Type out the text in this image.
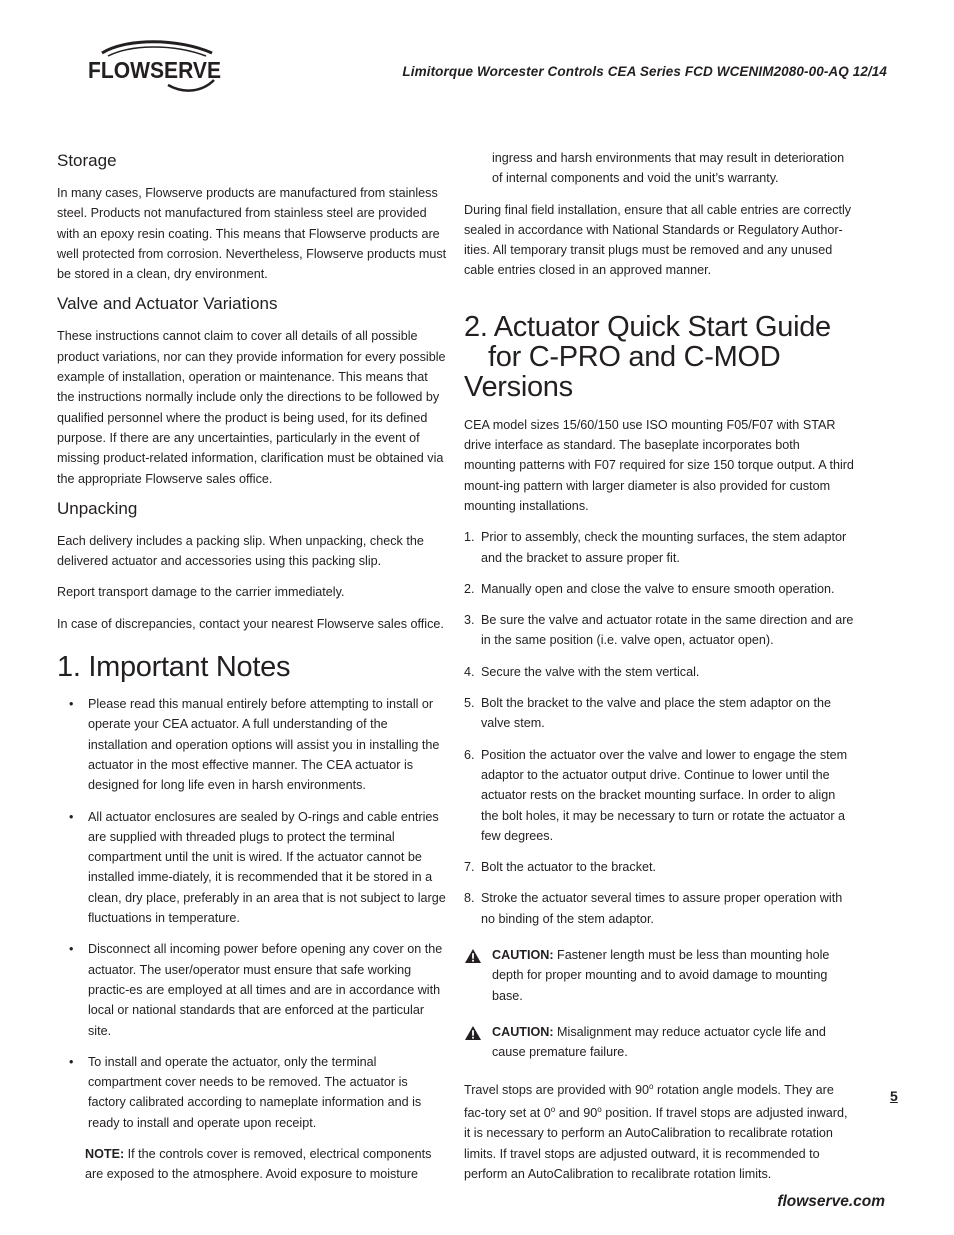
FLOWSERVE	Limitorque Worcester Controls CEA Series FCD WCENIM2080-00-AQ 12/14
Storage

In many cases, Flowserve products are manufactured from stainless steel. Products not manufactured from stainless steel are provided with an epoxy resin coating. This means that Flowserve products are well protected from corrosion. Nevertheless, Flowserve products must be stored in a clean, dry environment.

Valve and Actuator Variations

These instructions cannot claim to cover all details of all possible product variations, nor can they provide information for every possible example of installation, operation or maintenance. This means that the instructions normally include only the directions to be followed by qualified personnel where the product is being used, for its defined purpose. If there are any uncertainties, particularly in the event of missing product-related information, clarification must be obtained via the appropriate Flowserve sales office.

Unpacking

Each delivery includes a packing slip. When unpacking, check the delivered actuator and accessories using this packing slip.

Report transport damage to the carrier immediately.

In case of discrepancies, contact your nearest Flowserve sales office.

1. Important Notes
• Please read this manual entirely before attempting to install or operate your CEA actuator. A full understanding of the installation and operation options will assist you in installing the actuator in the most effective manner. The CEA actuator is designed for long life even in harsh environments.
• All actuator enclosures are sealed by O-rings and cable entries are supplied with threaded plugs to protect the terminal compartment until the unit is wired. If the actuator cannot be installed imme-diately, it is recommended that it be stored in a clean, dry place, preferably in an area that is not subject to large fluctuations in temperature.
• Disconnect all incoming power before opening any cover on the actuator. The user/operator must ensure that safe working practic-es are employed at all times and are in accordance with local or national standards that are enforced at the particular site.
• To install and operate the actuator, only the terminal compartment cover needs to be removed. The actuator is factory calibrated according to nameplate information and is ready to install and operate upon receipt.

NOTE: If the controls cover is removed, electrical components are exposed to the atmosphere. Avoid exposure to moisture

ingress and harsh environments that may result in deterioration of internal components and void the unit’s warranty.

During final field installation, ensure that all cable entries are correctly sealed in accordance with National Standards or Regulatory Author-ities. All temporary transit plugs must be removed and any unused cable entries closed in an approved manner.

2. Actuator Quick Start Guide
for C-PRO and C-MOD Versions

CEA model sizes 15/60/150 use ISO mounting F05/F07 with STAR drive interface as standard. The baseplate incorporates both mounting patterns with F07 required for size 150 torque output. A third mount-ing pattern with larger diameter is also provided for custom mounting installations.

1. Prior to assembly, check the mounting surfaces, the stem adaptor and the bracket to assure proper fit.
2. Manually open and close the valve to ensure smooth operation.
3. Be sure the valve and actuator rotate in the same direction and are in the same position (i.e. valve open, actuator open).
4. Secure the valve with the stem vertical.
5. Bolt the bracket to the valve and place the stem adaptor on the valve stem.
6. Position the actuator over the valve and lower to engage the stem adaptor to the actuator output drive. Continue to lower until the actuator rests on the bracket mounting surface. In order to align the bolt holes, it may be necessary to turn or rotate the actuator a few degrees.
7. Bolt the actuator to the bracket.
8. Stroke the actuator several times to assure proper operation with no binding of the stem adaptor.

CAUTION: Fastener length must be less than mounting hole depth for proper mounting and to avoid damage to mounting base.

CAUTION: Misalignment may reduce actuator cycle life and cause premature failure.

Travel stops are provided with 90$^o$ rotation angle models. They are fac-tory set at 0$^o$ and 90$^o$ position. If travel stops are adjusted inward, it is necessary to perform an AutoCalibration to recalibrate rotation limits. If travel stops are adjusted outward, it is recommended to perform an AutoCalibration to recalibrate rotation limits.

5
flowserve.com
